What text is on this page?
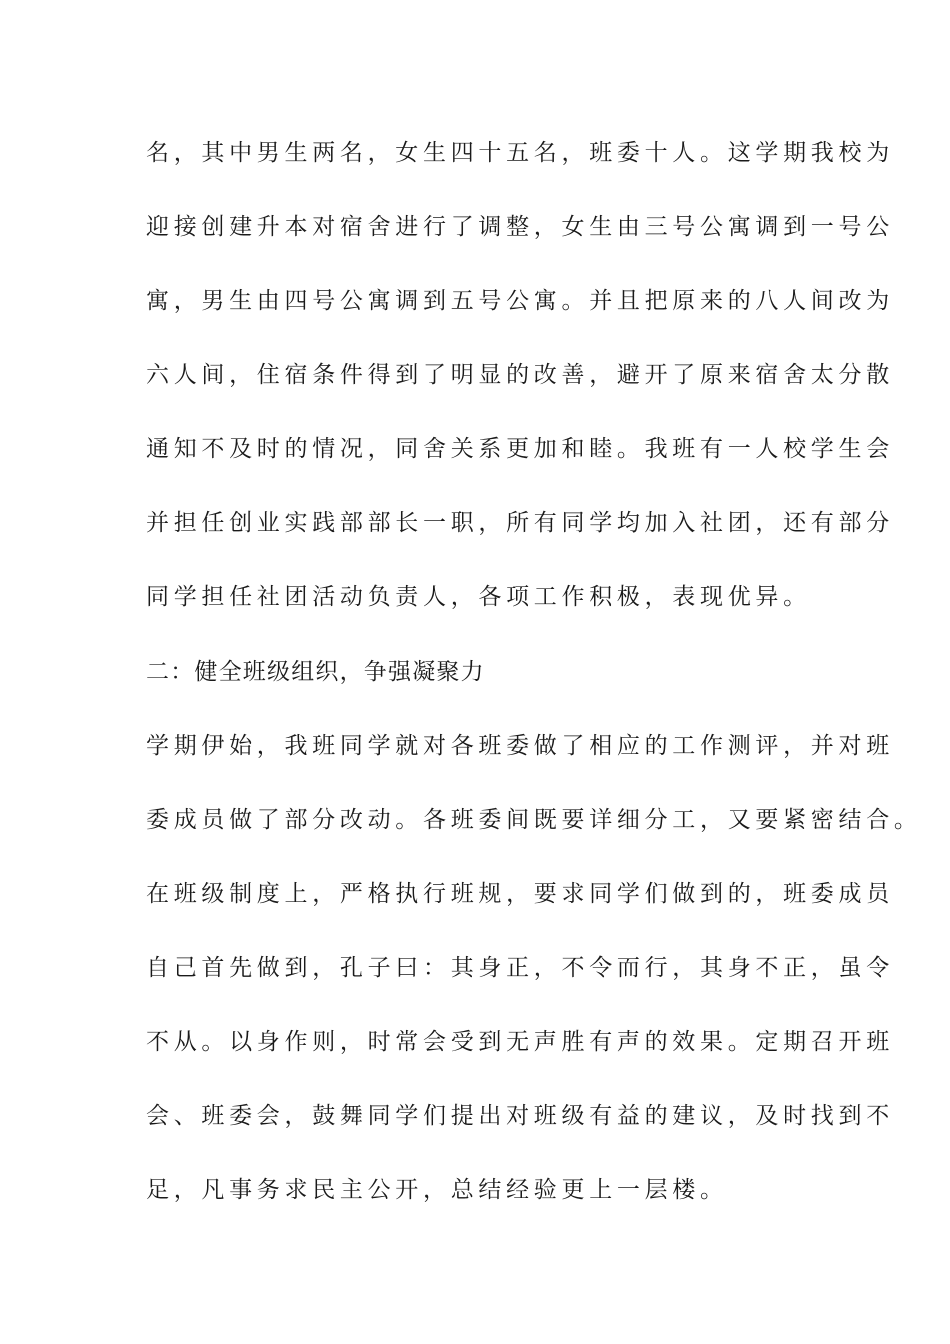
名，其中男生两名，女生四十五名，班委十人。这学期我校为
迎接创建升本对宿舍进行了调整，女生由三号公寓调到一号公
寓，男生由四号公寓调到五号公寓。并且把原来的八人间改为
六人间，住宿条件得到了明显的改善，避开了原来宿舍太分散
通知不及时的情况，同舍关系更加和睦。我班有一人校学生会
并担任创业实践部部长一职，所有同学均加入社团，还有部分
同学担任社团活动负责人，各项工作积极，表现优异。
二：健全班级组织，争强凝聚力
学期伊始，我班同学就对各班委做了相应的工作测评，并对班
委成员做了部分改动。各班委间既要详细分工，又要紧密结合。
在班级制度上，严格执行班规，要求同学们做到的，班委成员
自己首先做到，孔子曰：其身正，不令而行，其身不正，虽令
不从。以身作则，时常会受到无声胜有声的效果。定期召开班
会、班委会，鼓舞同学们提出对班级有益的建议，及时找到不
足，凡事务求民主公开，总结经验更上一层楼。
